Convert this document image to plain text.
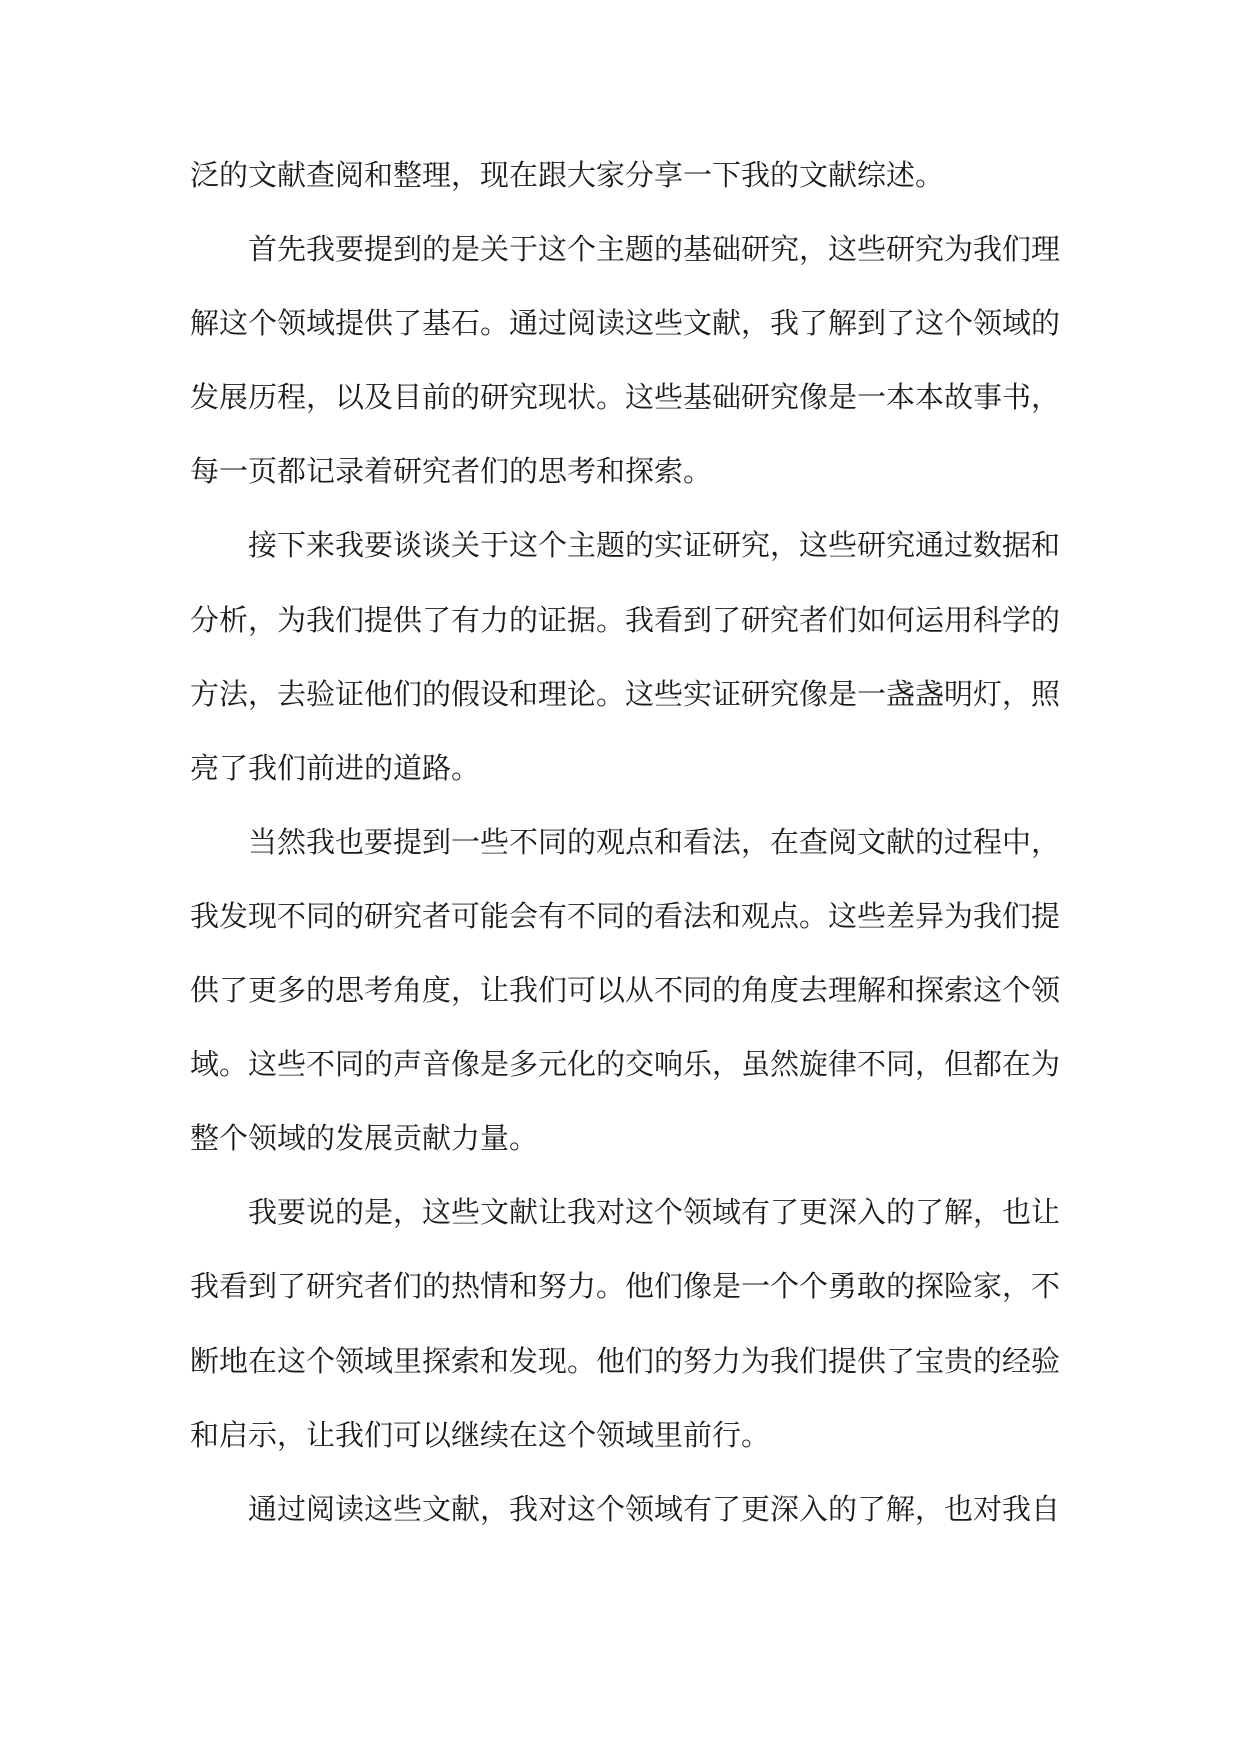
泛的文献查阅和整理，现在跟大家分享一下我的文献综述。
首先我要提到的是关于这个主题的基础研究，这些研究为我们理
解这个领域提供了基石。通过阅读这些文献，我了解到了这个领域的
发展历程，以及目前的研究现状。这些基础研究像是一本本故事书，
每一页都记录着研究者们的思考和探索。
接下来我要谈谈关于这个主题的实证研究，这些研究通过数据和
分析，为我们提供了有力的证据。我看到了研究者们如何运用科学的
方法，去验证他们的假设和理论。这些实证研究像是一盏盏明灯，照
亮了我们前进的道路。
当然我也要提到一些不同的观点和看法，在查阅文献的过程中，
我发现不同的研究者可能会有不同的看法和观点。这些差异为我们提
供了更多的思考角度，让我们可以从不同的角度去理解和探索这个领
域。这些不同的声音像是多元化的交响乐，虽然旋律不同，但都在为
整个领域的发展贡献力量。
我要说的是，这些文献让我对这个领域有了更深入的了解，也让
我看到了研究者们的热情和努力。他们像是一个个勇敢的探险家，不
断地在这个领域里探索和发现。他们的努力为我们提供了宝贵的经验
和启示，让我们可以继续在这个领域里前行。
通过阅读这些文献，我对这个领域有了更深入的了解，也对我自
